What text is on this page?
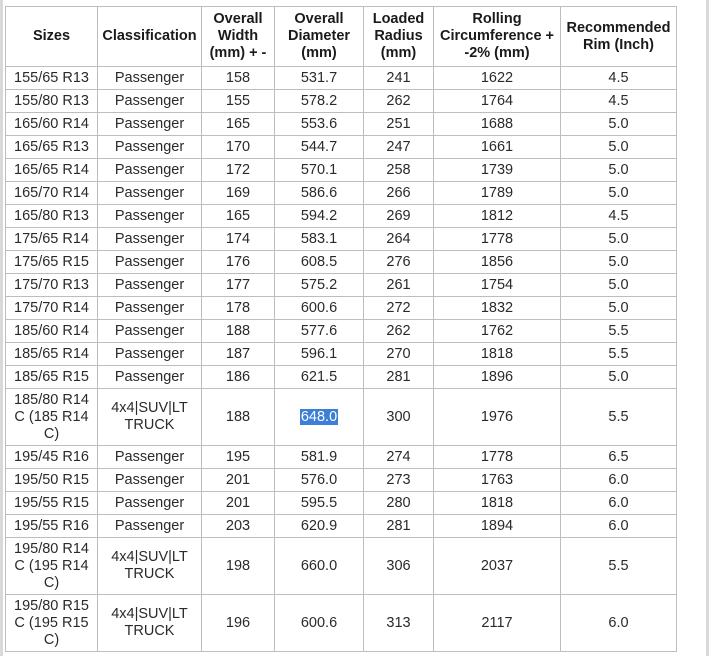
Sizes	Classification	Overall Width (mm) + -	Overall Diameter (mm)	Loaded Radius (mm)	Rolling Circumference + -2% (mm)	Recommended Rim (Inch)
155/65 R13	Passenger	158	531.7	241	1622	4.5
155/80 R13	Passenger	155	578.2	262	1764	4.5
165/60 R14	Passenger	165	553.6	251	1688	5.0
165/65 R13	Passenger	170	544.7	247	1661	5.0
165/65 R14	Passenger	172	570.1	258	1739	5.0
165/70 R14	Passenger	169	586.6	266	1789	5.0
165/80 R13	Passenger	165	594.2	269	1812	4.5
175/65 R14	Passenger	174	583.1	264	1778	5.0
175/65 R15	Passenger	176	608.5	276	1856	5.0
175/70 R13	Passenger	177	575.2	261	1754	5.0
175/70 R14	Passenger	178	600.6	272	1832	5.0
185/60 R14	Passenger	188	577.6	262	1762	5.5
185/65 R14	Passenger	187	596.1	270	1818	5.5
185/65 R15	Passenger	186	621.5	281	1896	5.0
185/80 R14 C (185 R14 C)	4x4|SUV|LT TRUCK	188	648.0	300	1976	5.5
195/45 R16	Passenger	195	581.9	274	1778	6.5
195/50 R15	Passenger	201	576.0	273	1763	6.0
195/55 R15	Passenger	201	595.5	280	1818	6.0
195/55 R16	Passenger	203	620.9	281	1894	6.0
195/80 R14 C (195 R14 C)	4x4|SUV|LT TRUCK	198	660.0	306	2037	5.5
195/80 R15 C (195 R15 C)	4x4|SUV|LT TRUCK	196	600.6	313	2117	6.0
